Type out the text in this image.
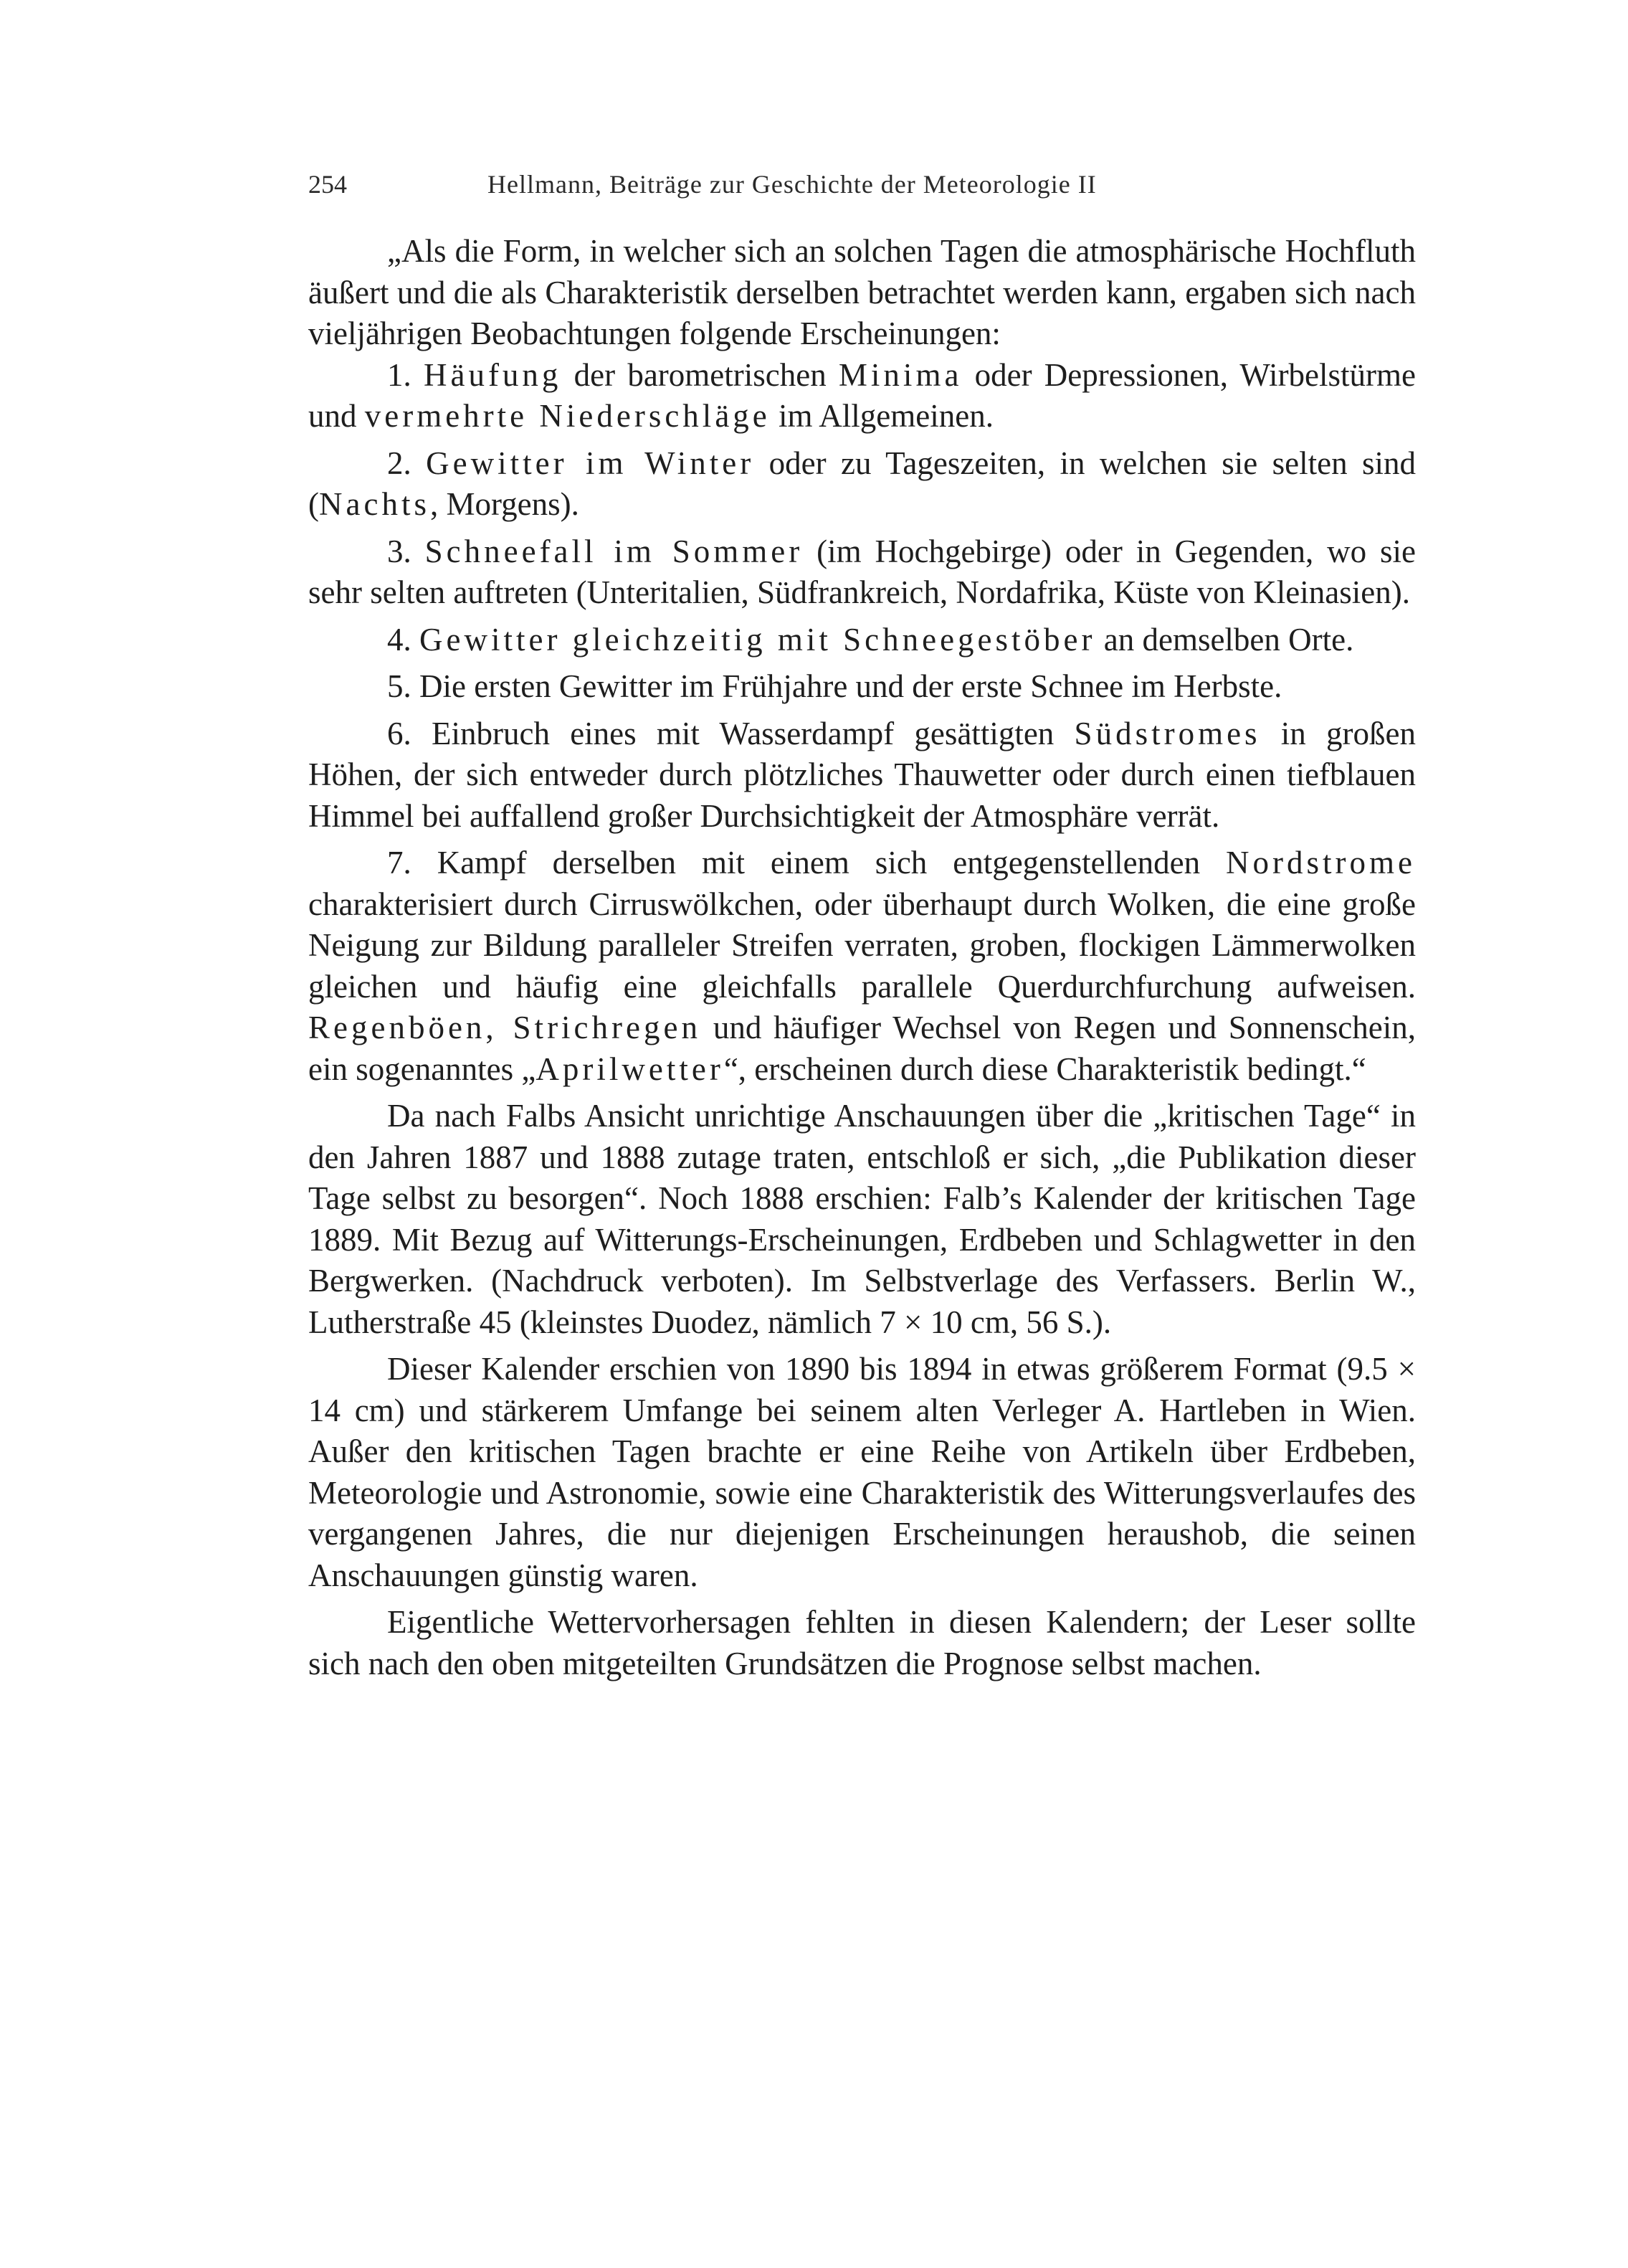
254	Hellmann, Beiträge zur Geschichte der Meteorologie II

„Als die Form, in welcher sich an solchen Tagen die atmosphärische Hochfluth äußert und die als Charakteristik derselben betrachtet werden kann, ergaben sich nach vieljährigen Beobachtungen folgende Erscheinungen:

1. Häufung der barometrischen Minima oder Depressionen, Wirbelstürme und vermehrte Niederschläge im Allgemeinen.

2. Gewitter im Winter oder zu Tageszeiten, in welchen sie selten sind (Nachts, Morgens).

3. Schneefall im Sommer (im Hochgebirge) oder in Gegenden, wo sie sehr selten auftreten (Unteritalien, Südfrankreich, Nordafrika, Küste von Kleinasien).

4. Gewitter gleichzeitig mit Schneegestöber an demselben Orte.

5. Die ersten Gewitter im Frühjahre und der erste Schnee im Herbste.

6. Einbruch eines mit Wasserdampf gesättigten Südstromes in großen Höhen, der sich entweder durch plötzliches Thauwetter oder durch einen tiefblauen Himmel bei auffallend großer Durchsichtigkeit der Atmosphäre verrät.

7. Kampf derselben mit einem sich entgegenstellenden Nordstrome charakterisiert durch Cirruswölkchen, oder überhaupt durch Wolken, die eine große Neigung zur Bildung paralleler Streifen verraten, groben, flockigen Lämmerwolken gleichen und häufig eine gleichfalls parallele Querdurchfurchung aufweisen. Regenböen, Strichregen und häufiger Wechsel von Regen und Sonnenschein, ein sogenanntes „Aprilwetter“, erscheinen durch diese Charakteristik bedingt.“

Da nach Falbs Ansicht unrichtige Anschauungen über die „kritischen Tage“ in den Jahren 1887 und 1888 zutage traten, entschloß er sich, „die Publikation dieser Tage selbst zu besorgen“. Noch 1888 erschien: Falb’s Kalender der kritischen Tage 1889. Mit Bezug auf Witterungs-Erscheinungen, Erdbeben und Schlagwetter in den Bergwerken. (Nachdruck verboten). Im Selbstverlage des Verfassers. Berlin W., Lutherstraße 45 (kleinstes Duodez, nämlich 7 × 10 cm, 56 S.).

Dieser Kalender erschien von 1890 bis 1894 in etwas größerem Format (9.5 × 14 cm) und stärkerem Umfange bei seinem alten Verleger A. Hartleben in Wien. Außer den kritischen Tagen brachte er eine Reihe von Artikeln über Erdbeben, Meteorologie und Astronomie, sowie eine Charakteristik des Witterungsverlaufes des vergangenen Jahres, die nur diejenigen Erscheinungen heraushob, die seinen Anschauungen günstig waren.

Eigentliche Wettervorhersagen fehlten in diesen Kalendern; der Leser sollte sich nach den oben mitgeteilten Grundsätzen die Prognose selbst machen.
